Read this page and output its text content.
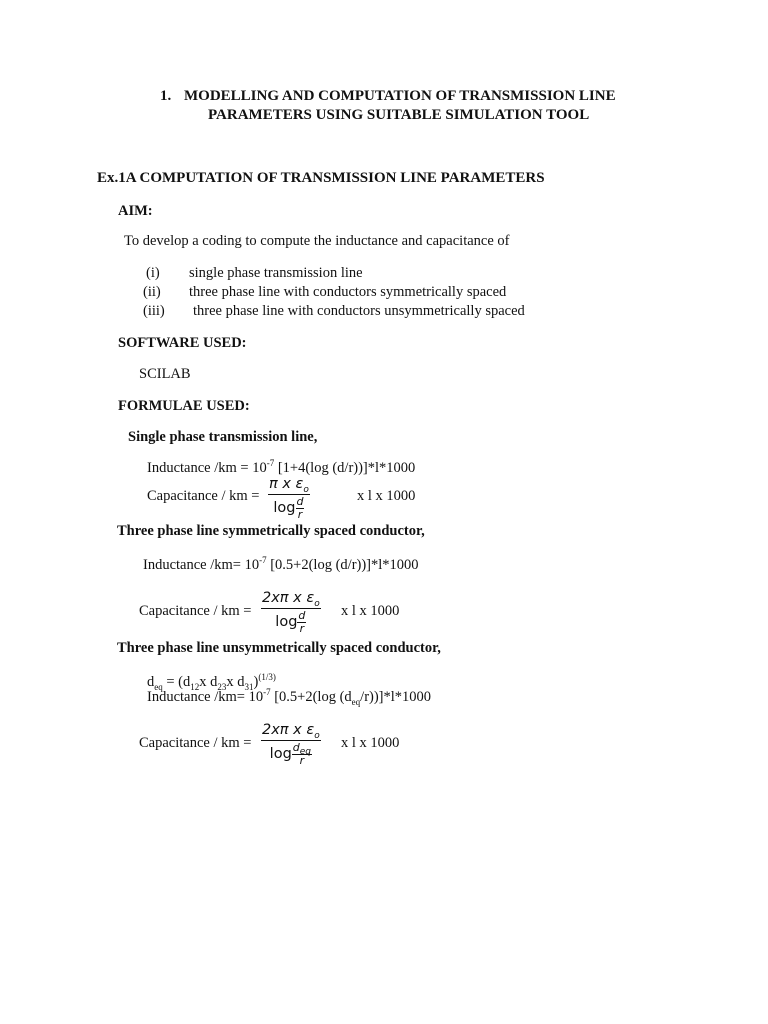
1. MODELLING AND COMPUTATION OF TRANSMISSION LINE
PARAMETERS USING SUITABLE SIMULATION TOOL
Ex.1A COMPUTATION OF TRANSMISSION LINE PARAMETERS
AIM:
To develop a coding to compute the inductance and capacitance of
(i) single phase transmission line
(ii) three phase line with conductors symmetrically spaced
(iii) three phase line with conductors unsymmetrically spaced
SOFTWARE USED:
SCILAB
FORMULAE USED:
Single phase transmission line,
Inductance $/km = 10^{-7}$ [1+4(log (d/r))]*l*1000
Capacitance / km = $\frac{\pi x \varepsilon_o}{\log \frac{d}{r}}$	x l x 1000
Three phase line symmetrically spaced conductor,
Inductance $/km= 10^{-7}$ [0.5+2(log (d/r))]*l*1000
Capacitance / km = $\frac{2x\pi x \varepsilon_o}{\log \frac{d}{r}}$ x l x 1000
Three phase line unsymmetrically spaced conductor,
$d_{eq} = (d_{12}x$ $d_{23}x$ $d_{31})^{(1/3)}$
Inductance $/km= 10^{-7}$ [0.5+2(log $(d_{eq}/r))]*l*1000$
Capacitance / km =
2xπ x $\varepsilon_o$
$\log \frac{d_{eq}}{r}$ x l x 1000
